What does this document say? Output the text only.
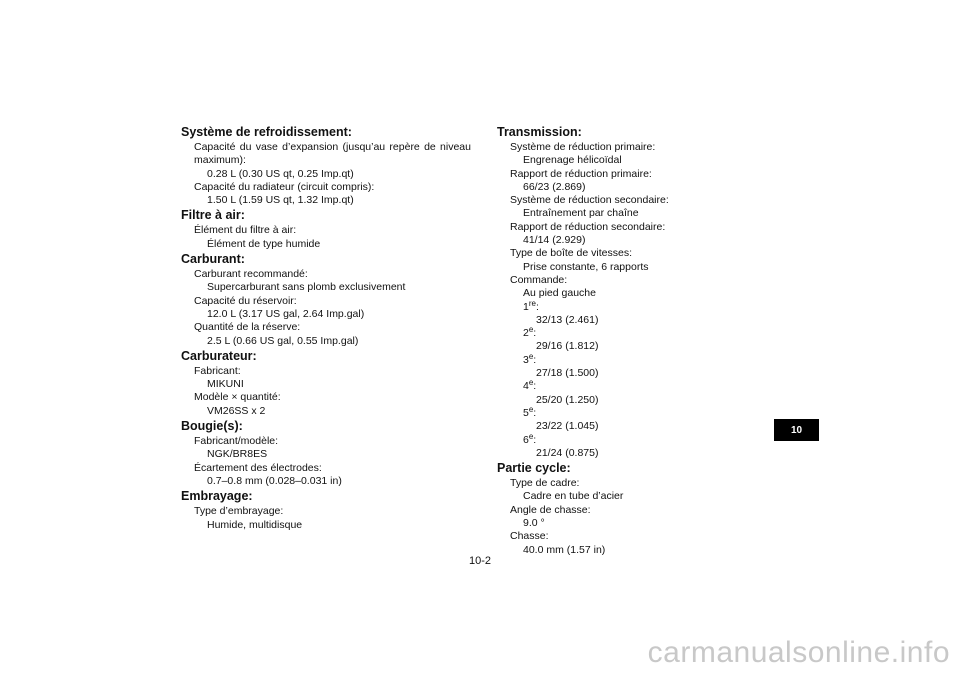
Système de refroidissement:
Capacité du vase d’expansion (jusqu’au repère de niveau maximum):
0.28 L (0.30 US qt, 0.25 Imp.qt)
Capacité du radiateur (circuit compris):
1.50 L (1.59 US qt, 1.32 Imp.qt)
Filtre à air:
Élément du filtre à air:
Élément de type humide
Carburant:
Carburant recommandé:
Supercarburant sans plomb exclusivement
Capacité du réservoir:
12.0 L (3.17 US gal, 2.64 Imp.gal)
Quantité de la réserve:
2.5 L (0.66 US gal, 0.55 Imp.gal)
Carburateur:
Fabricant:
MIKUNI
Modèle × quantité:
VM26SS x 2
Bougie(s):
Fabricant/modèle:
NGK/BR8ES
Écartement des électrodes:
0.7–0.8 mm (0.028–0.031 in)
Embrayage:
Type d’embrayage:
Humide, multidisque
Transmission:
Système de réduction primaire:
Engrenage hélicoïdal
Rapport de réduction primaire:
66/23 (2.869)
Système de réduction secondaire:
Entraînement par chaîne
Rapport de réduction secondaire:
41/14 (2.929)
Type de boîte de vitesses:
Prise constante, 6 rapports
Commande:
Au pied gauche
1re:
32/13 (2.461)
2e:
29/16 (1.812)
3e:
27/18 (1.500)
4e:
25/20 (1.250)
5e:
23/22 (1.045)
6e:
21/24 (0.875)
Partie cycle:
Type de cadre:
Cadre en tube d’acier
Angle de chasse:
9.0 °
Chasse:
40.0 mm (1.57 in)
10
10-2
carmanualsonline.info
